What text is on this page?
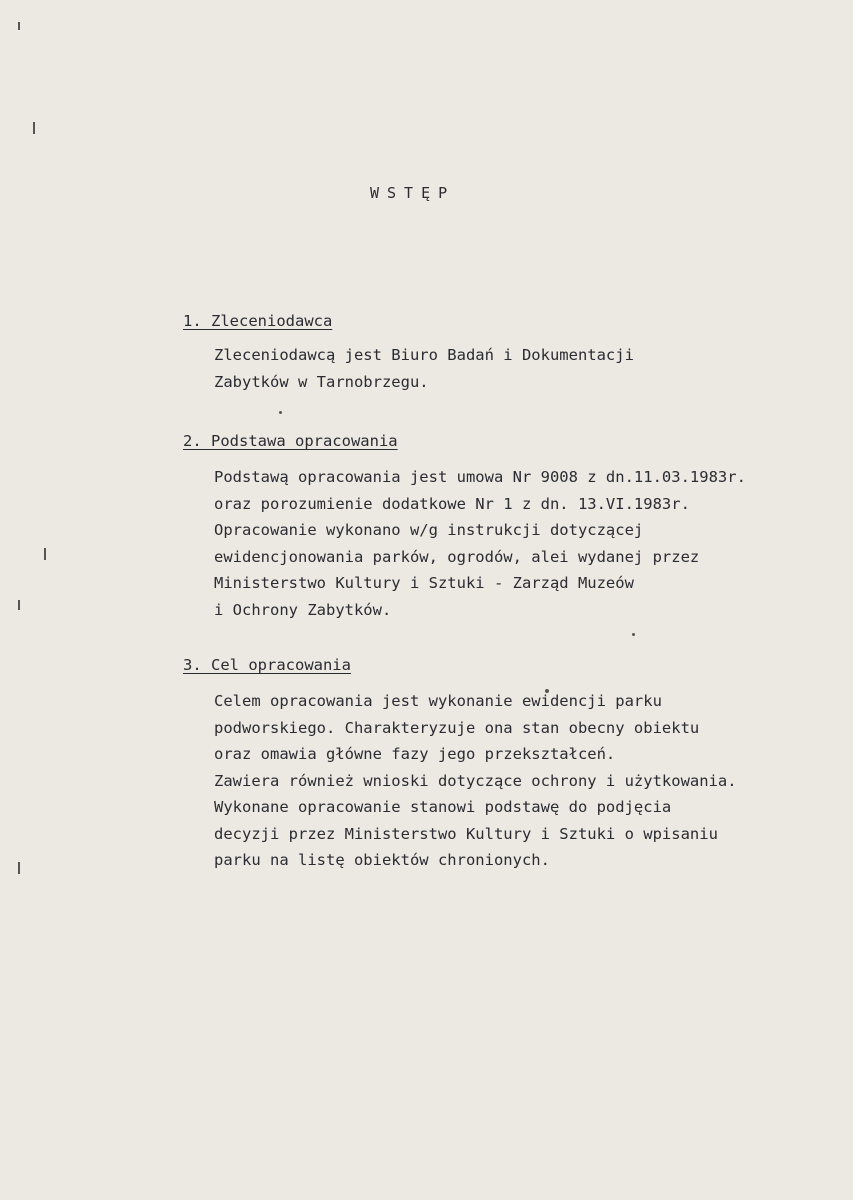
WSTĘP
1. Zleceniodawca
Zleceniodawcą jest Biuro Badań i Dokumentacji
Zabytków w Tarnobrzegu.
2. Podstawa opracowania
Podstawą opracowania jest umowa Nr 9008 z dn.11.03.1983r.
oraz porozumienie dodatkowe Nr 1 z dn. 13.VI.1983r.
Opracowanie wykonano w/g instrukcji dotyczącej
ewidencjonowania parków, ogrodów, alei wydanej przez
Ministerstwo Kultury i Sztuki - Zarząd Muzeów
i Ochrony Zabytków.
3. Cel opracowania
Celem opracowania jest wykonanie ewidencji parku
podworskiego. Charakteryzuje ona stan obecny obiektu
oraz omawia główne fazy jego przekształceń.
Zawiera również wnioski dotyczące ochrony i użytkowania.
Wykonane opracowanie stanowi podstawę do podjęcia
decyzji przez Ministerstwo Kultury i Sztuki o wpisaniu
parku na listę obiektów chronionych.
